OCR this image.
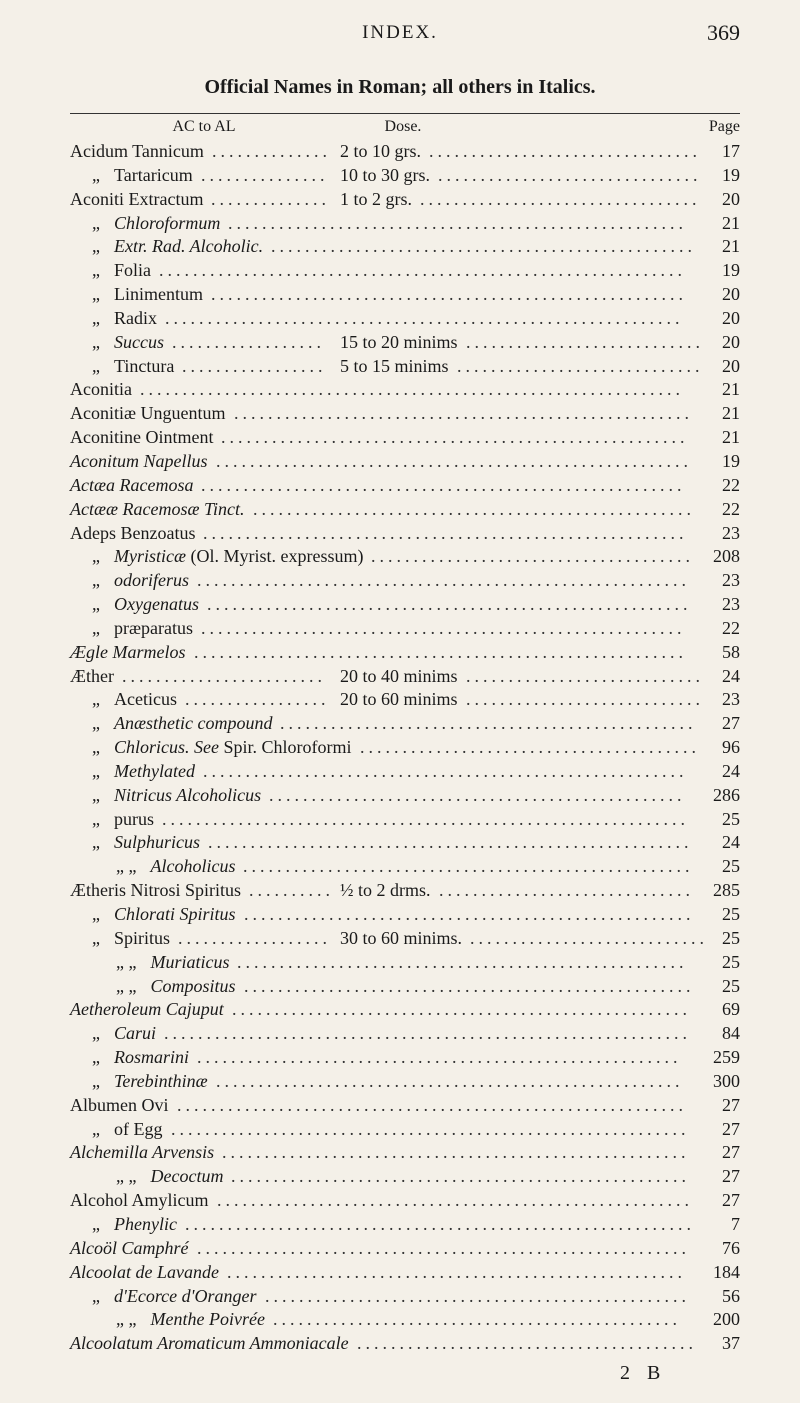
INDEX.	369
Official Names in Roman; all others in Italics.
AC to AL	Dose.	Page
Acidum Tannicum	2 to 10 grs.	17
..............	................................
„ Tartaricum	10 to 30 grs.	19
...............	...............................
Aconiti Extractum	1 to 2 grs.	20
..............	.................................
„ Chloroformum	21
......................................................
„ Extr. Rad. Alcoholic.	21
..................................................
„ Folia	19
..............................................................
„ Linimentum	20
........................................................
„ Radix	20
.............................................................
„ Succus	15 to 20 minims	20
..................	............................
„ Tinctura	5 to 15 minims	20
.................	.............................
Aconitia	21
................................................................
Aconitiæ Unguentum	21
......................................................
Aconitine Ointment	21
.......................................................
Aconitum Napellus	19
........................................................
Actæa Racemosa	22
.........................................................
Actææ Racemosæ Tinct.	22
....................................................
Adeps Benzoatus	23
.........................................................
„ Myristicæ (Ol. Myrist. expressum)	208
......................................
„ odoriferus	23
..........................................................
„ Oxygenatus	23
.........................................................
„ præparatus	22
.........................................................
Ægle Marmelos	58
..........................................................
Æther	20 to 40 minims	24
........................	............................
„ Aceticus	20 to 60 minims	23
.................	............................
„ Anæsthetic compound	27
.................................................
„ Chloricus. See Spir. Chloroformi	96
........................................
„ Methylated	24
.........................................................
„ Nitricus Alcoholicus	286
.................................................
„ purus	25
..............................................................
„ Sulphuricus	24
.........................................................
„ „ Alcoholicus	25
.....................................................
Ætheris Nitrosi Spiritus	½ to 2 drms.	285
..........	..............................
„ Chlorati Spiritus	25
.....................................................
„ Spiritus	30 to 60 minims.	25
..................	............................
„ „ Muriaticus	25
.....................................................
„ „ Compositus	25
.....................................................
Aetheroleum Cajuput	69
......................................................
„ Carui	84
..............................................................
„ Rosmarini	259
.........................................................
„ Terebinthinæ	300
.......................................................
Albumen Ovi	27
............................................................
„ of Egg	27
.............................................................
Alchemilla Arvensis	27
.......................................................
„ „ Decoctum	27
......................................................
Alcohol Amylicum	27
........................................................
„ Phenylic	7
............................................................
Alcoöl Camphré	76
..........................................................
Alcoolat de Lavande	184
......................................................
„ d'Ecorce d'Oranger	56
..................................................
„ „ Menthe Poivrée	200
................................................
Alcoolatum Aromaticum Ammoniacale	37
........................................
2 B
